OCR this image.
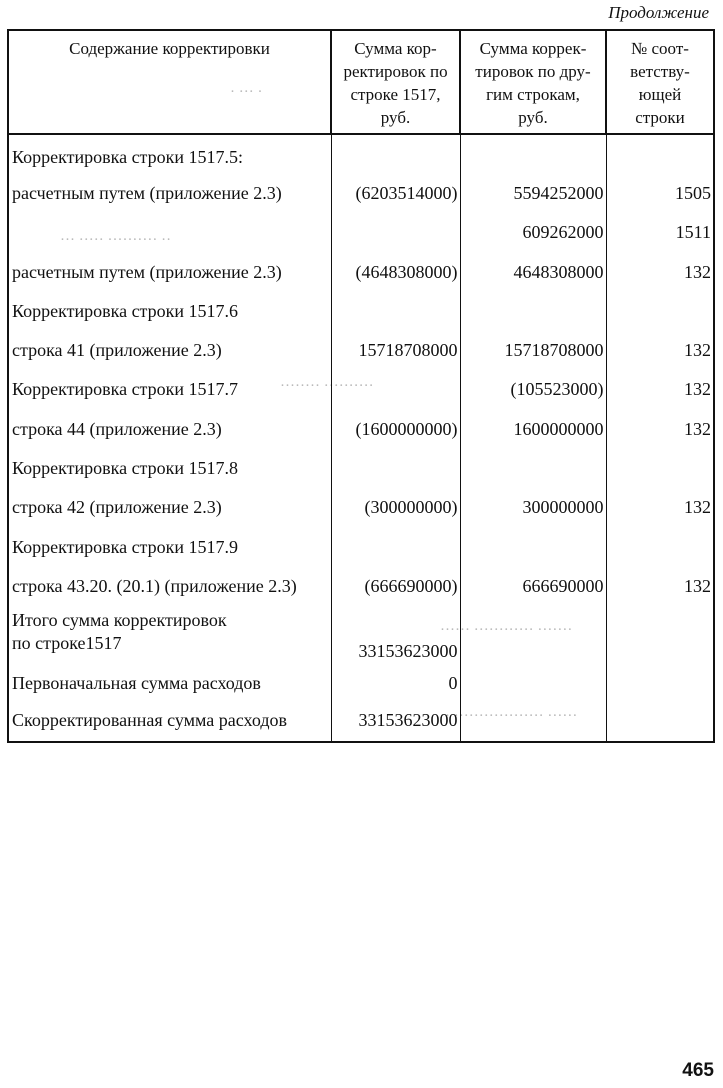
Продолжение
· ··· ·
··· ····· ·········· ··
········ ··········
······ ············ ·······
·· ·················· ······
Содержание корректировки	Сумма кор-
ректировок по
строке 1517,
руб.	Сумма коррек-
тировок по дру-
гим строкам,
руб.	№ соот-
ветству-
ющей
строки
Корректировка строки 1517.5:			
расчетным путем (приложение 2.3)	(6203514000)	5594252000	1505
		609262000	1511
расчетным путем (приложение 2.3)	(4648308000)	4648308000	132
Корректировка строки 1517.6			
строка 41 (приложение 2.3)	15718708000	15718708000	132
Корректировка строки 1517.7		(105523000)	132
строка 44 (приложение 2.3)	(1600000000)	1600000000	132
Корректировка строки 1517.8			
строка 42 (приложение 2.3)	(300000000)	300000000	132
Корректировка строки 1517.9			
строка 43.20. (20.1) (приложение 2.3)	(666690000)	666690000	132

Итого сумма корректировок
по строке1517	33153623000		
Первоначальная сумма расходов	0		
Скорректированная сумма расходов	33153623000		
465
